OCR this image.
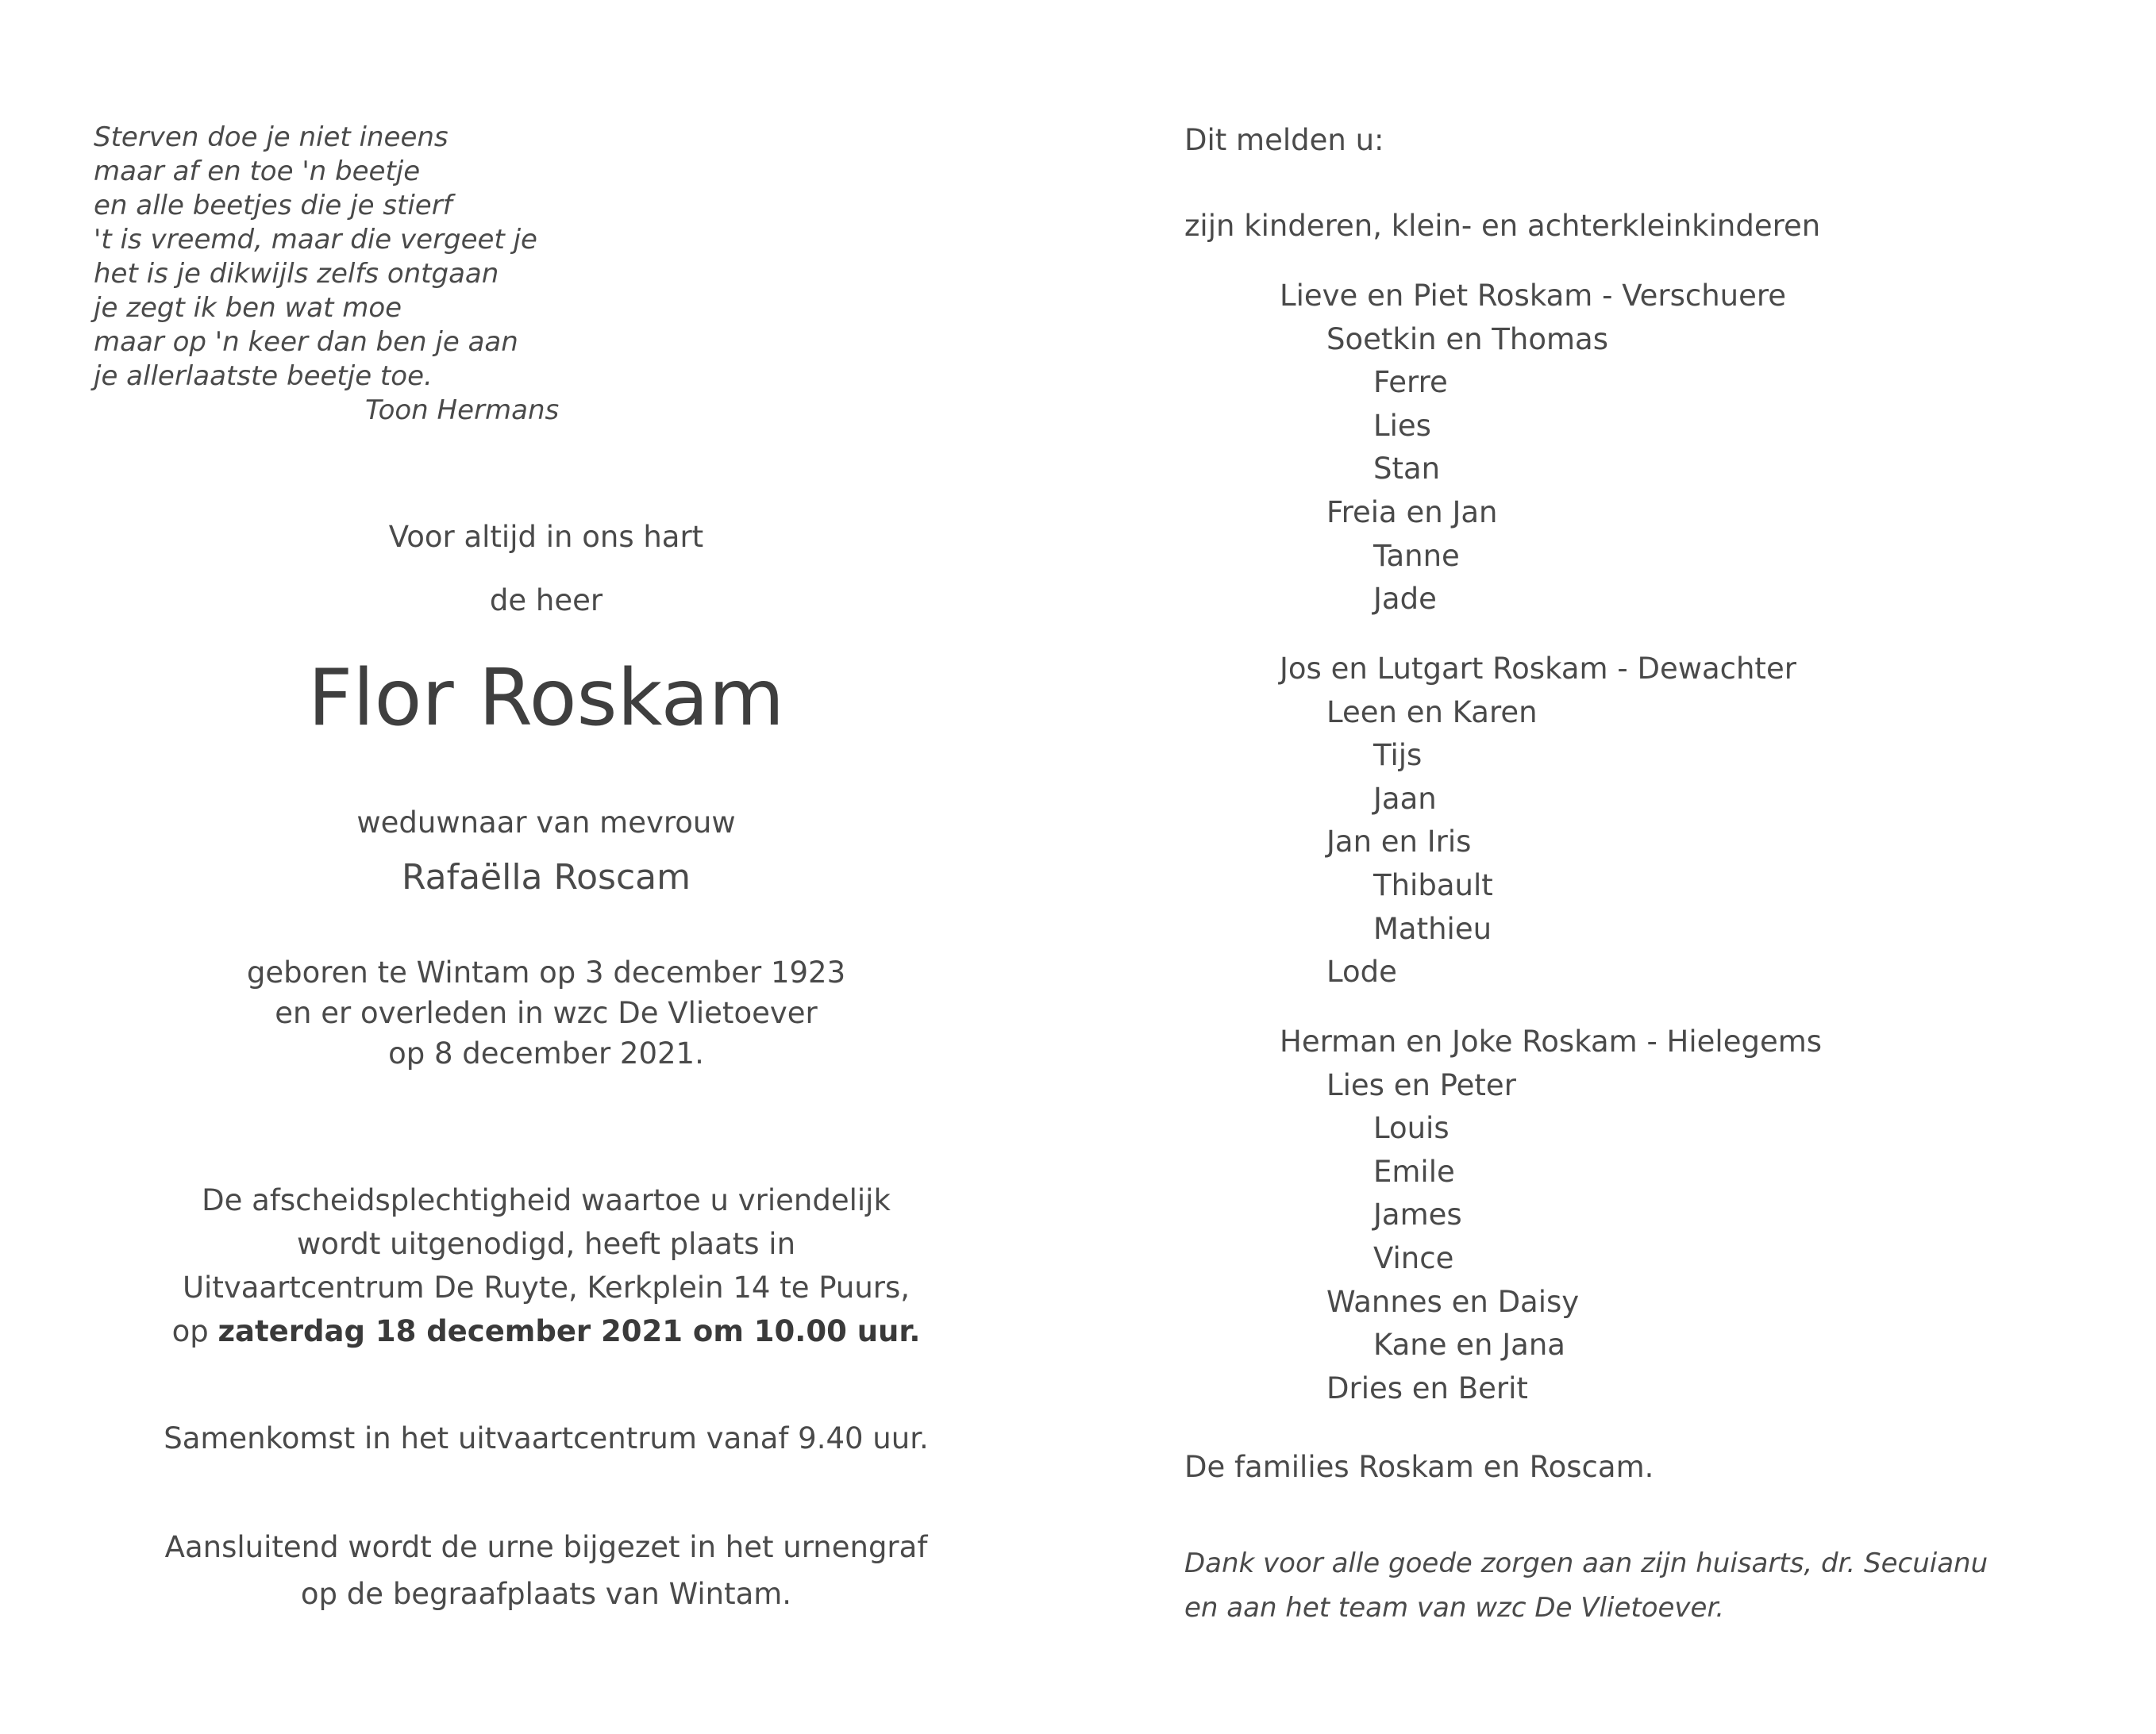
Sterven doe je niet ineens
maar af en toe 'n beetje
en alle beetjes die je stierf
't is vreemd, maar die vergeet je
het is je dikwijls zelfs ontgaan
je zegt ik ben wat moe
maar op 'n keer dan ben je aan
je allerlaatste beetje toe.
Toon Hermans
Voor altijd in ons hart
de heer
Flor Roskam
weduwnaar van mevrouw
Rafaëlla Roscam
geboren te Wintam op 3 december 1923
en er overleden in wzc De Vlietoever
op 8 december 2021.
De afscheidsplechtigheid waartoe u vriendelijk
wordt uitgenodigd, heeft plaats in
Uitvaartcentrum De Ruyte, Kerkplein 14 te Puurs,
op zaterdag 18 december 2021 om 10.00 uur.
Samenkomst in het uitvaartcentrum vanaf 9.40 uur.
Aansluitend wordt de urne bijgezet in het urnengraf
op de begraafplaats van Wintam.
Dit melden u:
zijn kinderen, klein- en achterkleinkinderen
Lieve en Piet Roskam - Verschuere
Soetkin en Thomas
Ferre
Lies
Stan
Freia en Jan
Tanne
Jade
Jos en Lutgart Roskam - Dewachter
Leen en Karen
Tijs
Jaan
Jan en Iris
Thibault
Mathieu
Lode
Herman en Joke Roskam - Hielegems
Lies en Peter
Louis
Emile
James
Vince
Wannes en Daisy
Kane en Jana
Dries en Berit
De families Roskam en Roscam.
Dank voor alle goede zorgen aan zijn huisarts, dr. Secuianu
en aan het team van wzc De Vlietoever.
